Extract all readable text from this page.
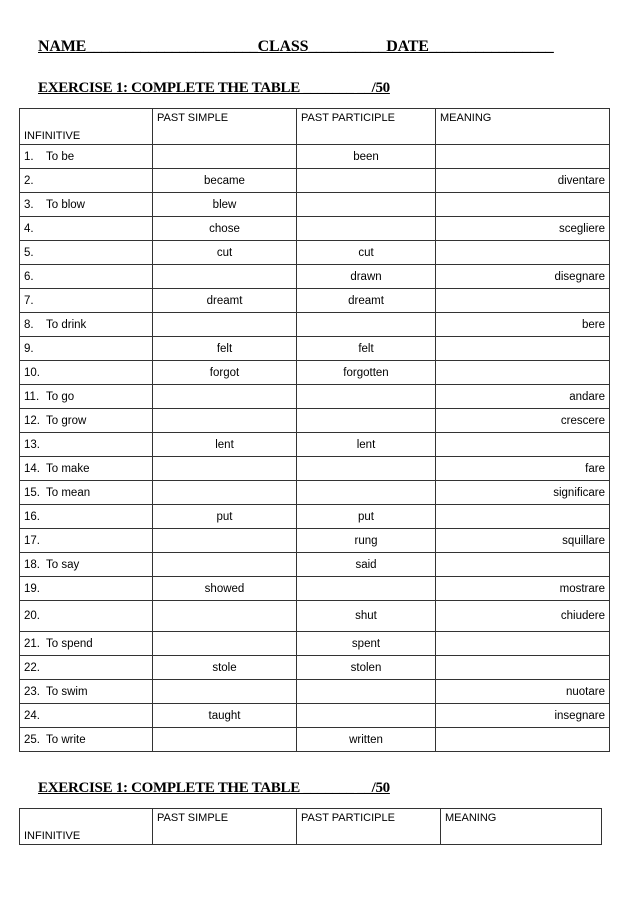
NAME______________________CLASS__________DATE________________
EXERCISE 1: COMPLETE THE TABLE _______ __/50
INFINITIVE	PAST SIMPLE	PAST PARTICIPLE	MEANING
1. To be		been	
2.	became		diventare
3. To blow	blew		
4.	chose		scegliere
5.	cut	cut	
6.		drawn	disegnare
7.	dreamt	dreamt	
8. To drink			bere
9.	felt	felt	
10.	forgot	forgotten	
11. To go			andare
12. To grow			crescere
13.	lent	lent	
14. To make			fare
15. To mean			significare
16.	put	put	
17.		rung	squillare
18. To say		said	
19.	showed		mostrare
20.		shut	chiudere
21. To spend		spent	
22.	stole	stolen	
23. To swim			nuotare
24.	taught		insegnare
25. To write		written	
EXERCISE 1: COMPLETE THE TABLE _______ __/50
INFINITIVE	PAST SIMPLE	PAST PARTICIPLE	MEANING
